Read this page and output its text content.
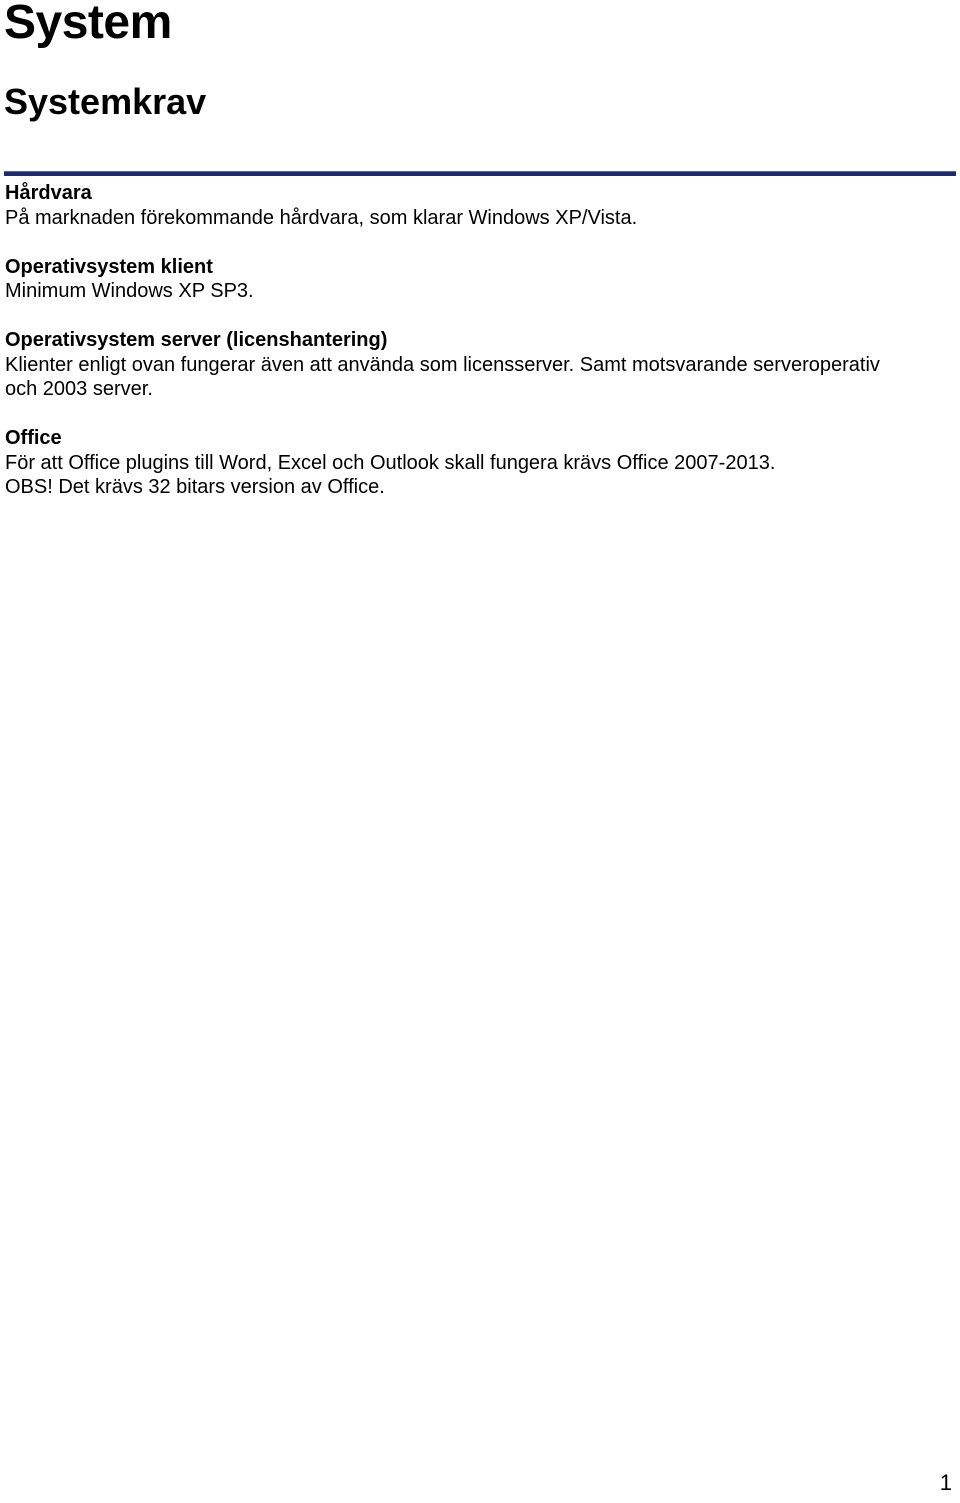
System
Systemkrav
Hårdvara
På marknaden förekommande hårdvara, som klarar Windows XP/Vista.
Operativsystem klient
Minimum Windows XP SP3.
Operativsystem server (licenshantering)
Klienter enligt ovan fungerar även att använda som licensserver. Samt motsvarande serveroperativ
och 2003 server.
Office
För att Office plugins till Word, Excel och Outlook skall fungera krävs Office 2007-2013.
OBS! Det krävs 32 bitars version av Office.
1
